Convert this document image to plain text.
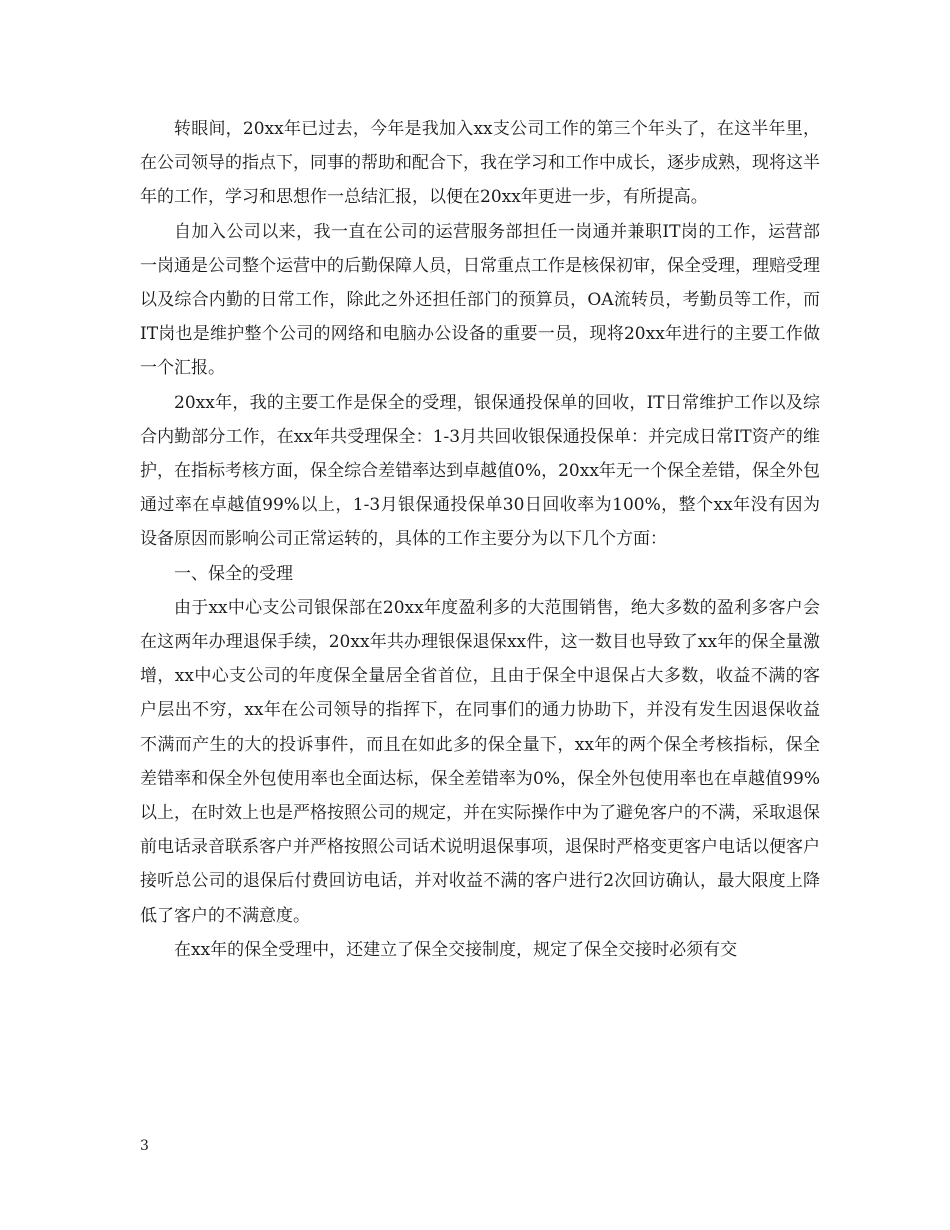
转眼间，20xx年已过去，今年是我加入xx支公司工作的第三个年头了，在这半年里，在公司领导的指点下，同事的帮助和配合下，我在学习和工作中成长，逐步成熟，现将这半年的工作，学习和思想作一总结汇报，以便在20xx年更进一步，有所提高。

自加入公司以来，我一直在公司的运营服务部担任一岗通并兼职IT岗的工作，运营部一岗通是公司整个运营中的后勤保障人员，日常重点工作是核保初审，保全受理，理赔受理以及综合内勤的日常工作，除此之外还担任部门的预算员，OA流转员，考勤员等工作，而IT岗也是维护整个公司的网络和电脑办公设备的重要一员，现将20xx年进行的主要工作做一个汇报。

20xx年，我的主要工作是保全的受理，银保通投保单的回收，IT日常维护工作以及综合内勤部分工作，在xx年共受理保全：1-3月共回收银保通投保单：并完成日常IT资产的维护，在指标考核方面，保全综合差错率达到卓越值0%，20xx年无一个保全差错，保全外包通过率在卓越值99%以上，1-3月银保通投保单30日回收率为100%，整个xx年没有因为设备原因而影响公司正常运转的，具体的工作主要分为以下几个方面：

一、保全的受理

由于xx中心支公司银保部在20xx年度盈利多的大范围销售，绝大多数的盈利多客户会在这两年办理退保手续，20xx年共办理银保退保xx件，这一数目也导致了xx年的保全量激增，xx中心支公司的年度保全量居全省首位，且由于保全中退保占大多数，收益不满的客户层出不穷，xx年在公司领导的指挥下，在同事们的通力协助下，并没有发生因退保收益不满而产生的大的投诉事件，而且在如此多的保全量下，xx年的两个保全考核指标，保全差错率和保全外包使用率也全面达标，保全差错率为0%，保全外包使用率也在卓越值99%以上，在时效上也是严格按照公司的规定，并在实际操作中为了避免客户的不满，采取退保前电话录音联系客户并严格按照公司话术说明退保事项，退保时严格变更客户电话以便客户接听总公司的退保后付费回访电话，并对收益不满的客户进行2次回访确认，最大限度上降低了客户的不满意度。

在xx年的保全受理中，还建立了保全交接制度，规定了保全交接时必须有交

3
